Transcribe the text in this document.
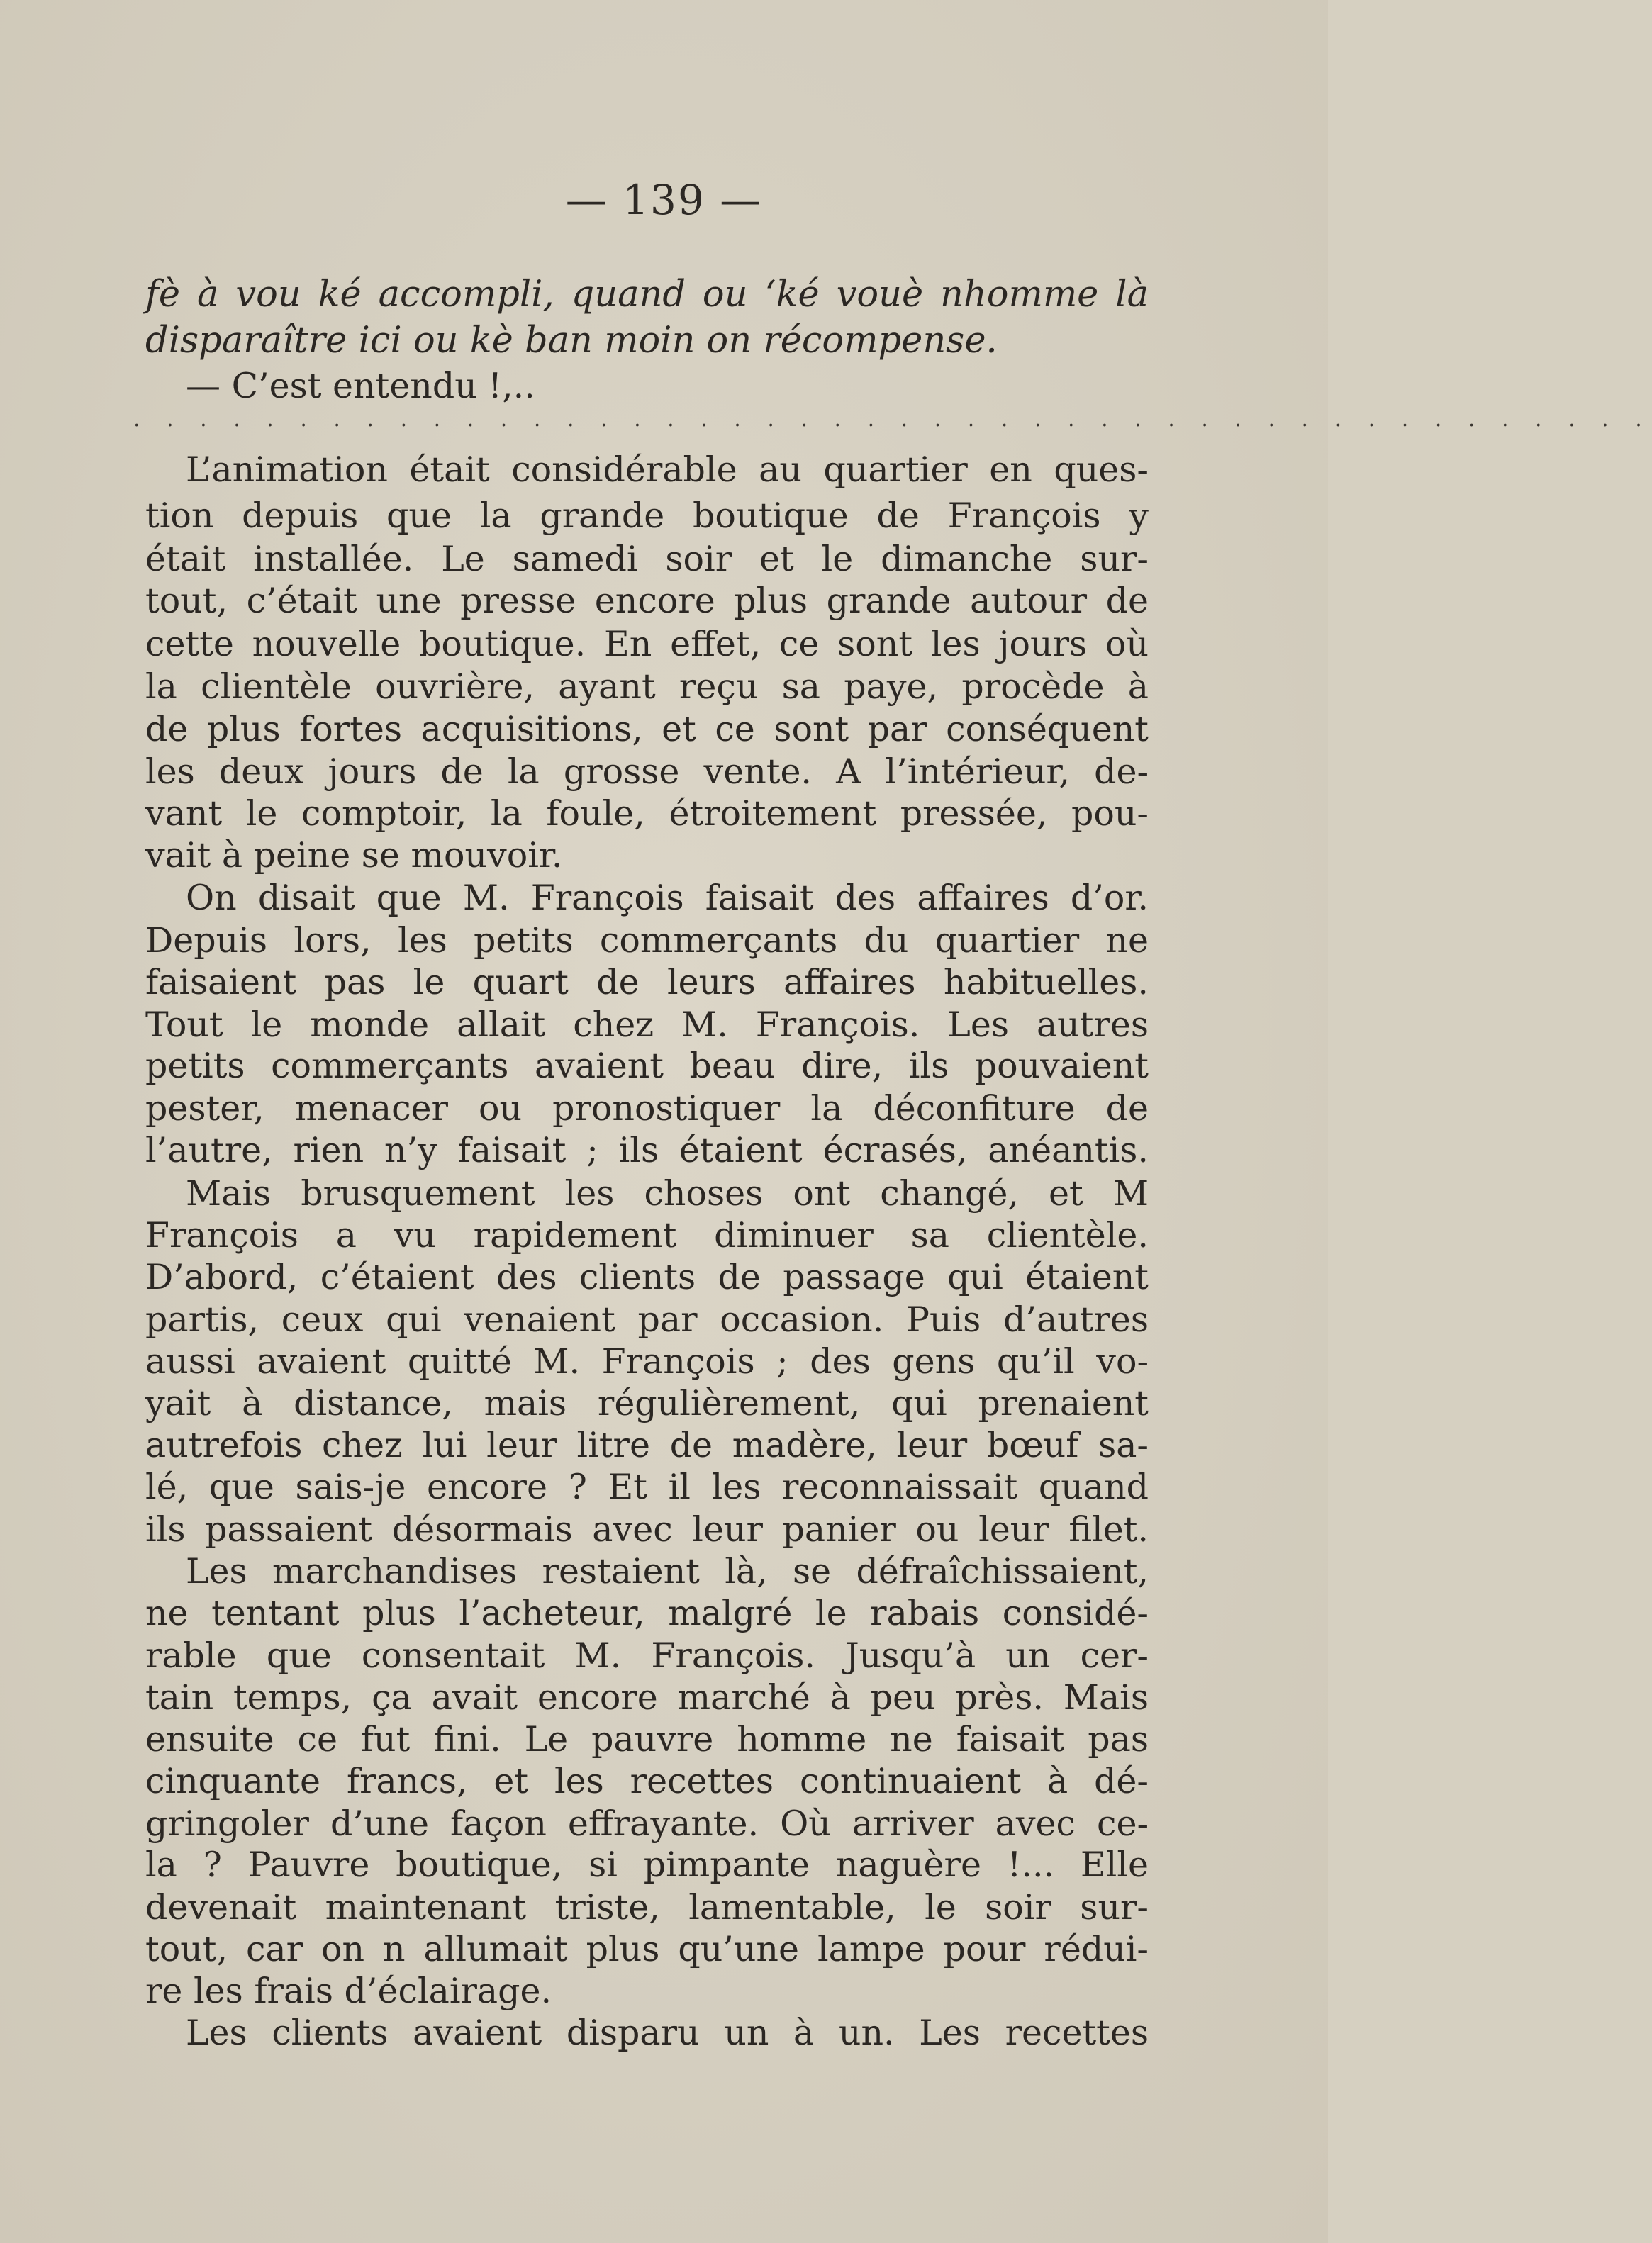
— 139 —
fè à vou ké accompli, quand ou ‘ké vouè nhomme là
disparaître ici ou kè ban moin on récompense.
— C’est entendu !,..
. . . . . . . . . . . . . . . . . . . . . . . . . . . . . . . . . . . . . . . . . . . . . .
L’animation était considérable au quartier en ques-
tion depuis que la grande boutique de François y
était installée. Le samedi soir et le dimanche sur-
tout, c’était une presse encore plus grande autour de
cette nouvelle boutique. En effet, ce sont les jours où
la clientèle ouvrière, ayant reçu sa paye, procède à
de plus fortes acquisitions, et ce sont par conséquent
les deux jours de la grosse vente. A l’intérieur, de-
vant le comptoir, la foule, étroitement pressée, pou-
vait à peine se mouvoir.
On disait que M. François faisait des affaires d’or.
Depuis lors, les petits commerçants du quartier ne
faisaient pas le quart de leurs affaires habituelles.
Tout le monde allait chez M. François. Les autres
petits commerçants avaient beau dire, ils pouvaient
pester, menacer ou pronostiquer la déconfiture de
l’autre, rien n’y faisait ; ils étaient écrasés, anéantis.
Mais brusquement les choses ont changé, et M
François a vu rapidement diminuer sa clientèle.
D’abord, c’étaient des clients de passage qui étaient
partis, ceux qui venaient par occasion. Puis d’autres
aussi avaient quitté M. François ; des gens qu’il vo-
yait à distance, mais régulièrement, qui prenaient
autrefois chez lui leur litre de madère, leur bœuf sa-
lé, que sais-je encore ? Et il les reconnaissait quand
ils passaient désormais avec leur panier ou leur filet.
Les marchandises restaient là, se défraîchissaient,
ne tentant plus l’acheteur, malgré le rabais considé-
rable que consentait M. François. Jusqu’à un cer-
tain temps, ça avait encore marché à peu près. Mais
ensuite ce fut fini. Le pauvre homme ne faisait pas
cinquante francs, et les recettes continuaient à dé-
gringoler d’une façon effrayante. Où arriver avec ce-
la ? Pauvre boutique, si pimpante naguère !... Elle
devenait maintenant triste, lamentable, le soir sur-
tout, car on n allumait plus qu’une lampe pour rédui-
re les frais d’éclairage.
Les clients avaient disparu un à un. Les recettes
